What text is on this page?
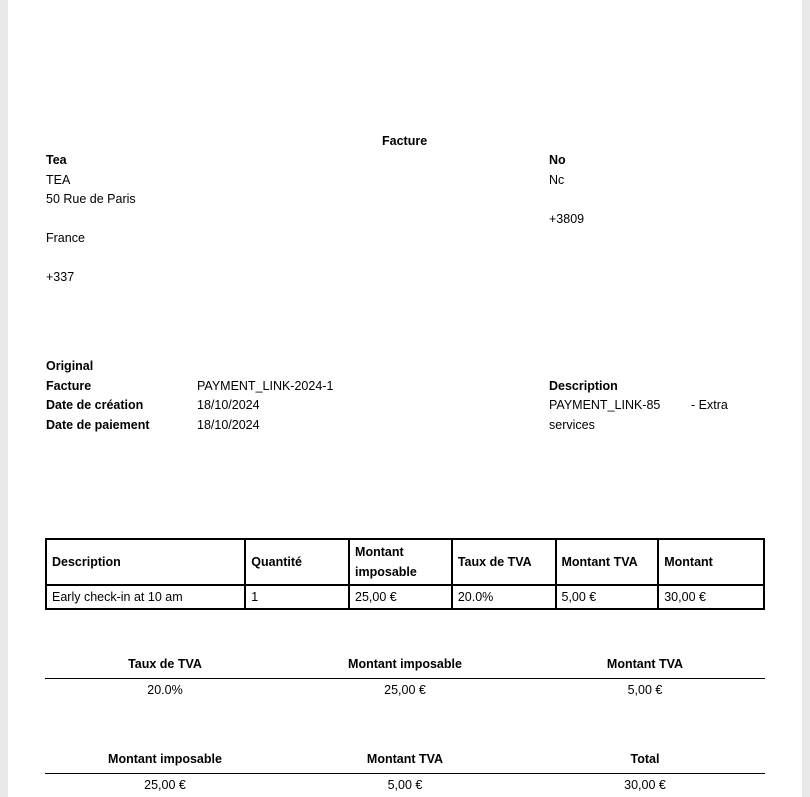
Facture
Tea
TEA
50 Rue de Paris
France
+337
No
Nc
+3809
Original
Facture	PAYMENT_LINK-2024-1
Date de création	18/10/2024
Date de paiement	18/10/2024
Description
PAYMENT_LINK-85 - Extra
services
Description	Quantité	Montant imposable	Taux de TVA	Montant TVA	Montant
Early check-in at 10 am	1	25,00 €	20.0%	5,00 €	30,00 €
Taux de TVA	Montant imposable	Montant TVA
20.0%	25,00 €	5,00 €
Montant imposable	Montant TVA	Total
25,00 €	5,00 €	30,00 €
